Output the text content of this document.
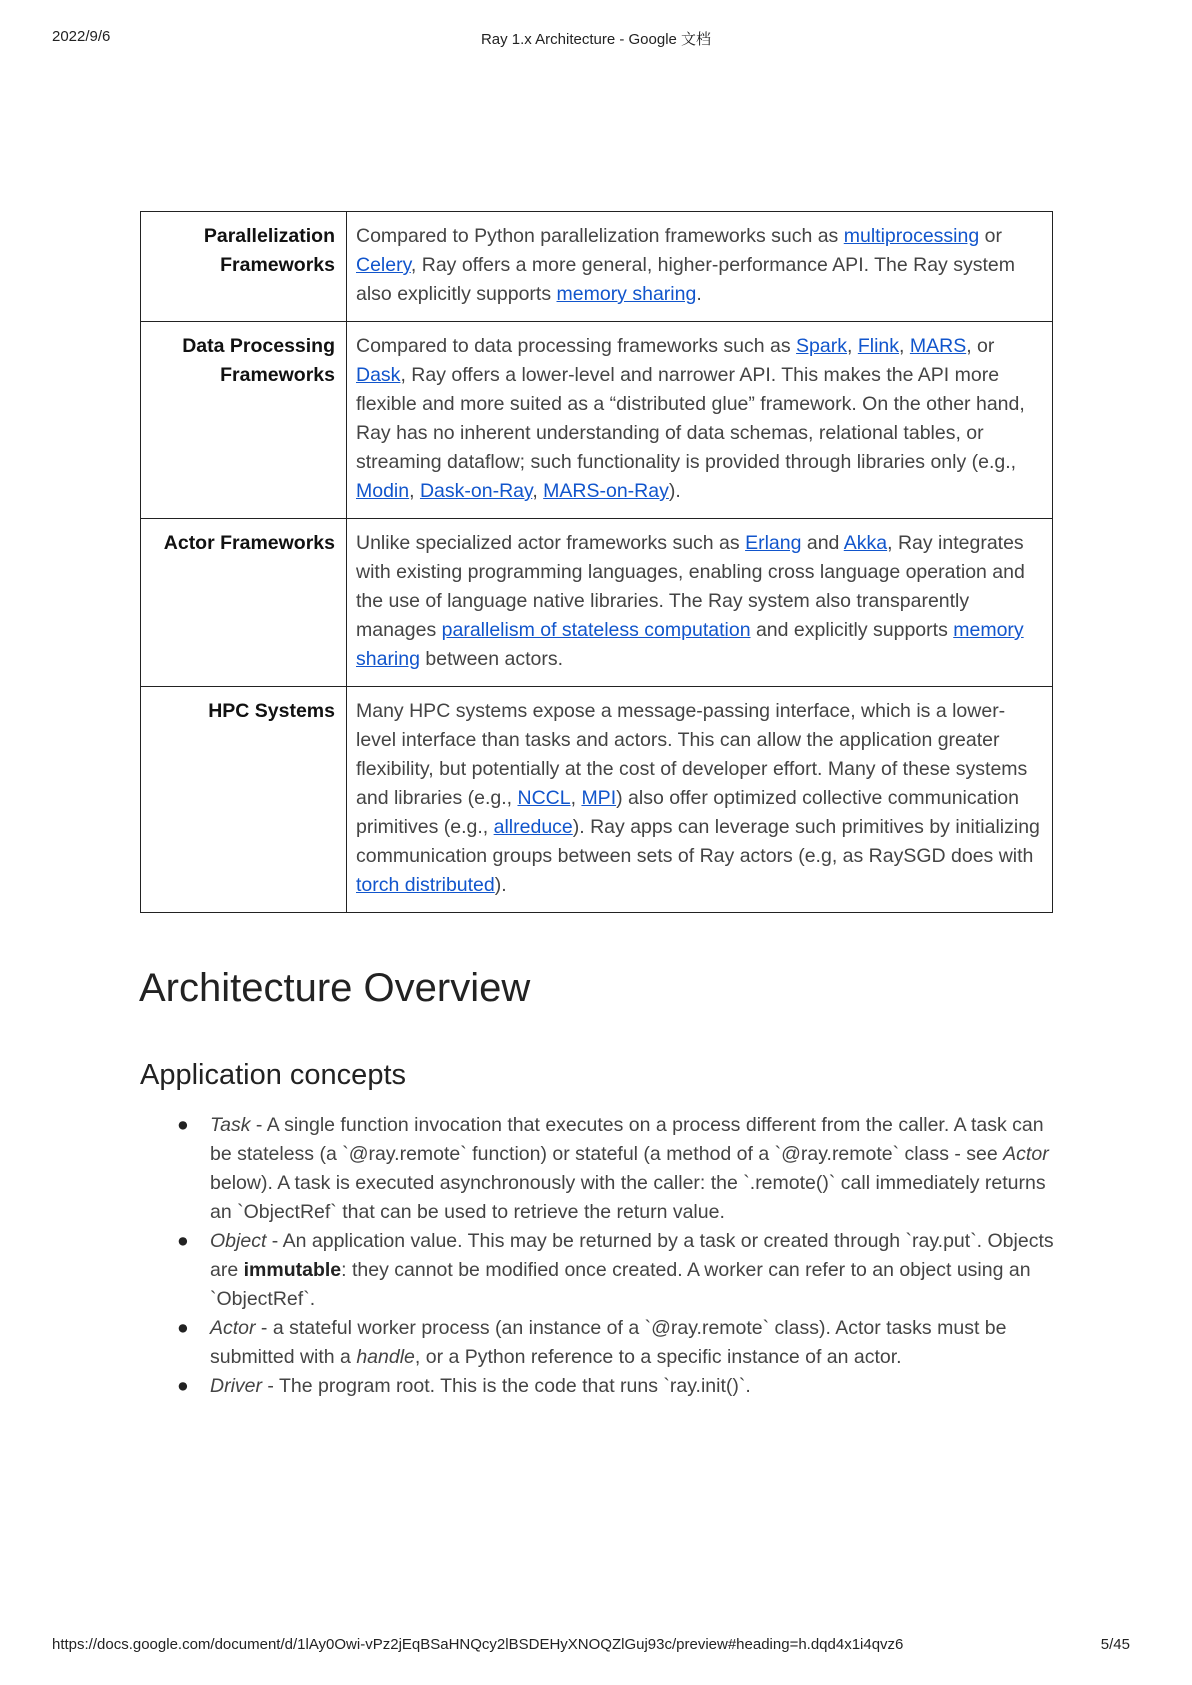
2022/9/6	Ray 1.x Architecture - Google 文档
Parallelization Frameworks	Compared to Python parallelization frameworks such as multiprocessing or Celery, Ray offers a more general, higher-performance API. The Ray system also explicitly supports memory sharing.
Data Processing Frameworks	Compared to data processing frameworks such as Spark, Flink, MARS, or Dask, Ray offers a lower-level and narrower API. This makes the API more flexible and more suited as a “distributed glue” framework. On the other hand, Ray has no inherent understanding of data schemas, relational tables, or streaming dataflow; such functionality is provided through libraries only (e.g., Modin, Dask-on-Ray, MARS-on-Ray).
Actor Frameworks	Unlike specialized actor frameworks such as Erlang and Akka, Ray integrates with existing programming languages, enabling cross language operation and the use of language native libraries. The Ray system also transparently manages parallelism of stateless computation and explicitly supports memory sharing between actors.
HPC Systems	Many HPC systems expose a message-passing interface, which is a lower-level interface than tasks and actors. This can allow the application greater flexibility, but potentially at the cost of developer effort. Many of these systems and libraries (e.g., NCCL, MPI) also offer optimized collective communication primitives (e.g., allreduce). Ray apps can leverage such primitives by initializing communication groups between sets of Ray actors (e.g, as RaySGD does with torch distributed).
Architecture Overview
Application concepts
● Task - A single function invocation that executes on a process different from the caller. A task can be stateless (a `@ray.remote` function) or stateful (a method of a `@ray.remote` class - see Actor below). A task is executed asynchronously with the caller: the `.remote()` call immediately returns an `ObjectRef` that can be used to retrieve the return value.
● Object - An application value. This may be returned by a task or created through `ray.put`. Objects are immutable: they cannot be modified once created. A worker can refer to an object using an `ObjectRef`.
● Actor - a stateful worker process (an instance of a `@ray.remote` class). Actor tasks must be submitted with a handle, or a Python reference to a specific instance of an actor.
● Driver - The program root. This is the code that runs `ray.init()`.
https://docs.google.com/document/d/1lAy0Owi-vPz2jEqBSaHNQcy2lBSDEHyXNOQZlGuj93c/preview#heading=h.dqd4x1i4qvz6	5/45
